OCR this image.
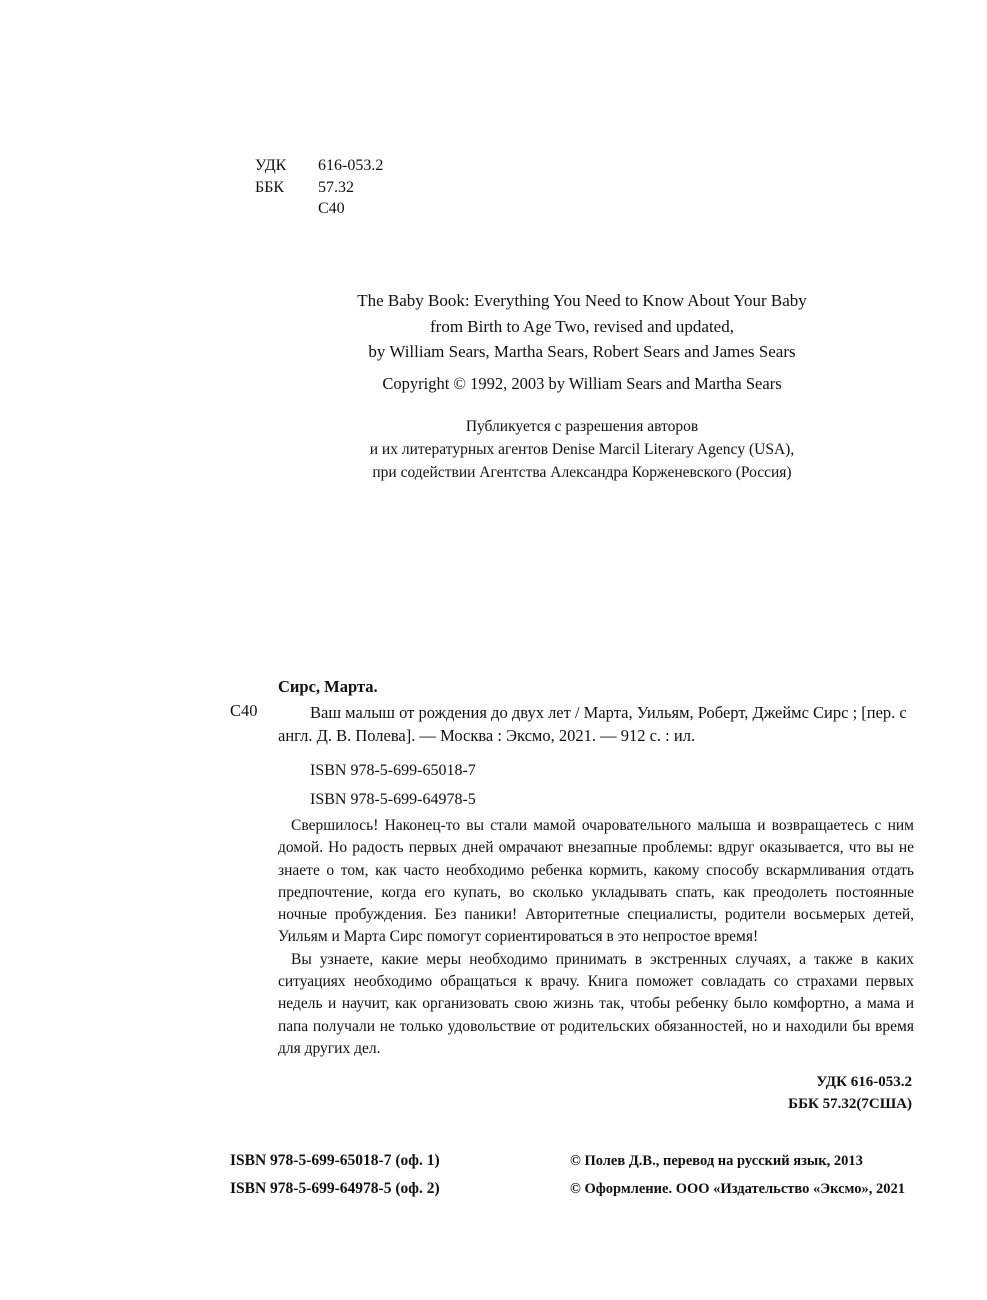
УДК 616-053.2
ББК 57.32
С40
The Baby Book: Everything You Need to Know About Your Baby
from Birth to Age Two, revised and updated,
by William Sears, Martha Sears, Robert Sears and James Sears
Copyright © 1992, 2003 by William Sears and Martha Sears
Публикуется с разрешения авторов
и их литературных агентов Denise Marcil Literary Agency (USA),
при содействии Агентства Александра Корженевского (Россия)
Сирс, Марта.
С40	Ваш малыш от рождения до двух лет / Марта, Уильям, Роберт, Джеймс Сирс ; [пер. с англ. Д. В. Полева]. — Москва : Эксмо, 2021. — 912 с. : ил.
ISBN 978-5-699-65018-7
ISBN 978-5-699-64978-5

Свершилось! Наконец-то вы стали мамой очаровательного малыша и возвращаетесь с ним домой. Но радость первых дней омрачают внезапные проблемы: вдруг оказывается, что вы не знаете о том, как часто необходимо ребенка кормить, какому способу вскармливания отдать предпочтение, когда его купать, во сколько укладывать спать, как преодолеть постоянные ночные пробуждения. Без паники! Авторитетные специалисты, родители восьмерых детей, Уильям и Марта Сирс помогут сориентироваться в это непростое время!

Вы узнаете, какие меры необходимо принимать в экстренных случаях, а также в каких ситуациях необходимо обращаться к врачу. Книга поможет совладать со страхами первых недель и научит, как организовать свою жизнь так, чтобы ребенку было комфортно, а мама и папа получали не только удовольствие от родительских обязанностей, но и находили бы время для других дел.

УДК 616-053.2
ББК 57.32(7США)
ISBN 978-5-699-65018-7 (оф. 1)
ISBN 978-5-699-64978-5 (оф. 2)
© Полев Д.В., перевод на русский язык, 2013
© Оформление. ООО «Издательство «Эксмо», 2021
